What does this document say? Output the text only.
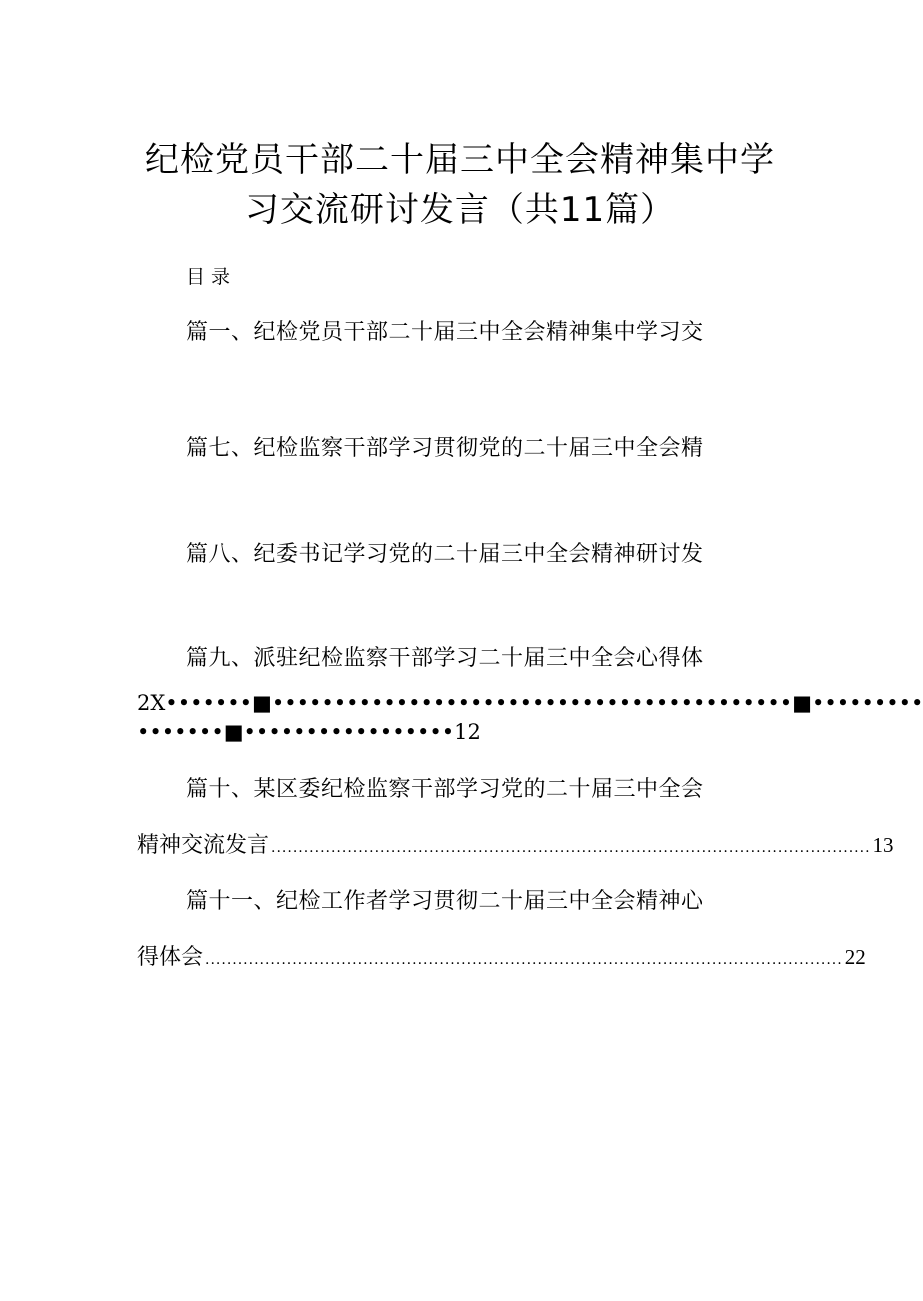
纪检党员干部二十届三中全会精神集中学
习交流研讨发言（共11篇）
目录
篇一、纪检党员干部二十届三中全会精神集中学习交
篇七、纪检监察干部学习贯彻党的二十届三中全会精
篇八、纪委书记学习党的二十届三中全会精神研讨发
篇九、派驻纪检监察干部学习二十届三中全会心得体
2X•••••••■••••••••••••••••••••••••••••••••••••••••••■•••••••••
•••••••■•••••••••••••••••12
篇十、某区委纪检监察干部学习党的二十届三中全会
精神交流发言 .............................................................................................................. 13
篇十一、纪检工作者学习贯彻二十届三中全会精神心
得体会 ..................................................................................................................... 22
